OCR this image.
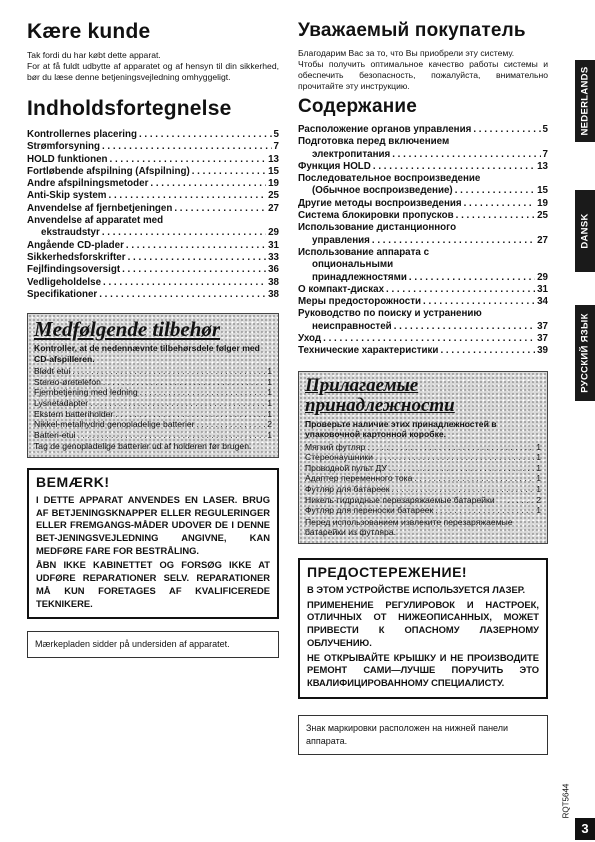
Kære kunde

Tak fordi du har købt dette apparat.

For at få fuldt udbytte af apparatet og af hensyn til din sikkerhed, bør du læse denne betjeningsvejledning omhyggeligt.

Indholdsfortegnelse
Kontrollernes placering . . .	5
Strømforsyning . . .	7
HOLD funktionen . . .	13
Fortløbende afspilning (Afspilning) . . .	15
Andre afspilningsmetoder . . .	19
Anti-Skip system . . .	25
Anvendelse af fjernbetjeningen . . .	27
Anvendelse af apparatet med
ekstraudstyr . . .	29
Angående CD-plader . . .	31
Sikkerhedsforskrifter . . .	33
Fejlfindingsoversigt . . .	36
Vedligeholdelse . . .	38
Specifikationer . . .	38
Medfølgende tilbehør
Kontroller, at de nedennævnte tilbehørsdele følger med CD-afspilleren.
Blødt etui . . .	1
Stereo-øretelefon . . .	1
Fjernbetjening med ledning . . .	1
Lysnetadapter . . .	1
Ekstern batteriholder . . .	1
Nikkel-metalhydrid genopladelige batterier . . .	2
Batteri-etui . . .	1
Tag de genopladelige batterier ud af holderen før brugen.
BEMÆRK!

I DETTE APPARAT ANVENDES EN LASER. BRUG AF BETJENINGSKNAPPER ELLER REGULERINGER ELLER FREMGANGS-MÅDER UDOVER DE I DENNE BET-JENINGSVEJLEDNING ANGIVNE, KAN MEDFØRE FARE FOR BESTRÅLING.

ÅBN IKKE KABINETTET OG FORSØG IKKE AT UDFØRE REPARATIONER SELV. REPARATIONER MÅ KUN FORETAGES AF KVALIFICEREDE TEKNIKERE.

Mærkepladen sidder på undersiden af apparatet.
Уважаемый покупатель

Благодарим Вас за то, что Вы приобрели эту систему.

Чтобы получить оптимальное качество работы системы и обеспечить безопасность, пожалуйста, внимательно прочитайте эту инструкцию.

Содержание
Расположение органов управления . . .	5
Подготовка перед включением
электропитания . . .	7
Функция HOLD . . .	13
Последовательное воспроизведение
(Обычное воспроизведение) . . .	15
Другие методы воспроизведения . . .	19
Система блокировки пропусков . . .	25
Использование дистанционного
управления . . .	27
Использование аппарата с
опциональными
принадлежностями . . .	29
О компакт-дисках . . .	31
Меры предосторожности . . .	34
Руководство по поиску и устранению
неисправностей . . .	37
Уход . . .	37
Технические характеристики . . .	39
Прилагаемые принадлежности
Проверьте наличие этих принадлежностей в упаковочной картонной коробке.
Мягкий футляр . . .	1
Стереонаушники . . .	1
Проводной пульт ДУ . . .	1
Адаптер переменного тока . . .	1
Футляр для батареек . . .	1
Никель-гидридные перезаряжаемые батарейки . . .	2
Футляр для переноски батареек . . .	1
Перед использованием извлеките перезаряжаемые батарейки из футляра.
ПРЕДОСТЕРЕЖЕНИЕ!

В ЭТОМ УСТРОЙСТВЕ ИСПОЛЬЗУЕТСЯ ЛАЗЕР.

ПРИМЕНЕНИЕ РЕГУЛИРОВОК И НАСТРОЕК, ОТЛИЧНЫХ ОТ НИЖЕОПИСАННЫХ, МОЖЕТ ПРИВЕСТИ К ОПАСНОМУ ЛАЗЕРНОМУ ОБЛУЧЕНИЮ.

НЕ ОТКРЫВАЙТЕ КРЫШКУ И НЕ ПРОИЗВОДИТЕ РЕМОНТ САМИ—ЛУЧШЕ ПОРУЧИТЬ ЭТО КВАЛИФИЦИРОВАННОМУ СПЕЦИАЛИСТУ.

Знак маркировки расположен на нижней панели аппарата.
NEDERLANDS
DANSK
РУССКИЙ ЯЗЫК
RQT5644
3
